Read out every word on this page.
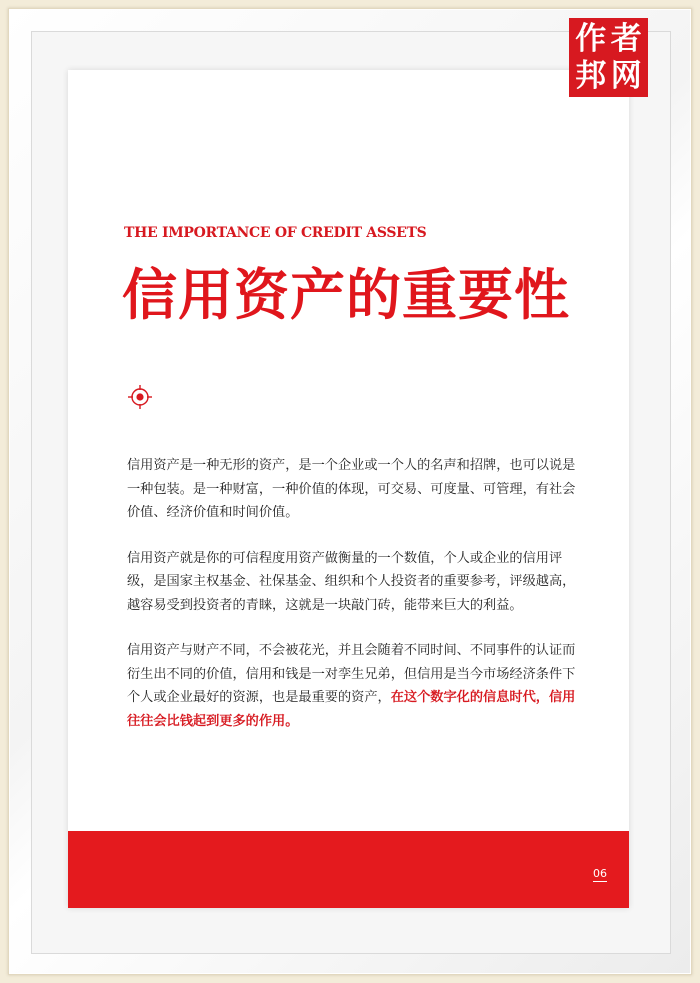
THE IMPORTANCE OF CREDIT ASSETS
信用资产的重要性

信用资产是一种无形的资产，是一个企业或一个人的名声和招牌，也可以说是一种包装。是一种财富，一种价值的体现，可交易、可度量、可管理，有社会价值、经济价值和时间价值。

信用资产就是你的可信程度用资产做衡量的一个数值，个人或企业的信用评级，是国家主权基金、社保基金、组织和个人投资者的重要参考，评级越高，越容易受到投资者的青睐，这就是一块敲门砖，能带来巨大的利益。

信用资产与财产不同，不会被花光，并且会随着不同时间、不同事件的认证而衍生出不同的价值，信用和钱是一对孪生兄弟，但信用是当今市场经济条件下个人或企业最好的资源，也是最重要的资产，在这个数字化的信息时代，信用往往会比钱起到更多的作用。

06
作 者
邦 网
